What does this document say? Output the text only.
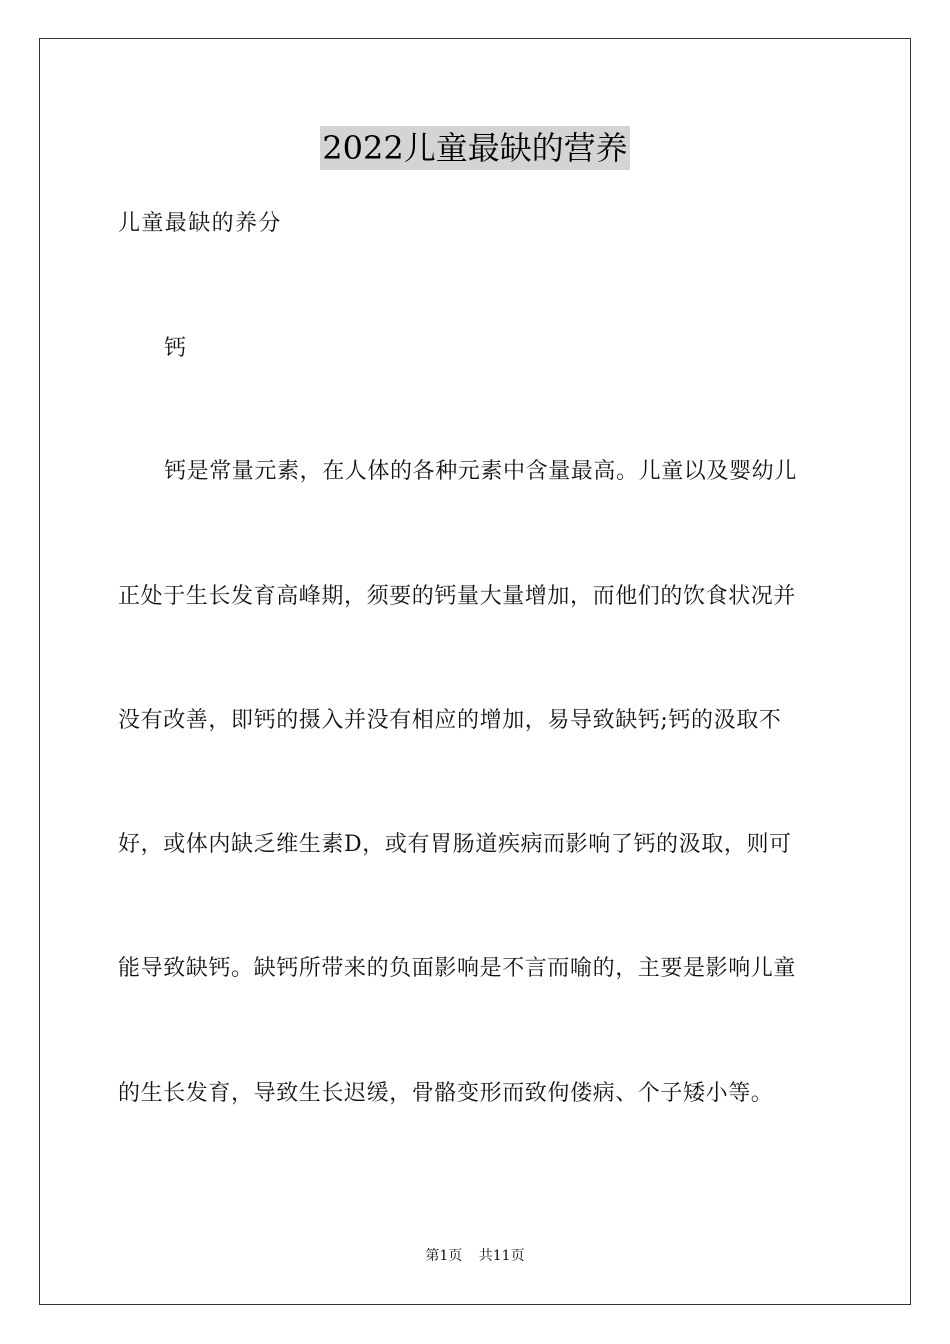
2022儿童最缺的营养
儿童最缺的养分
钙
钙是常量元素，在人体的各种元素中含量最高。儿童以及婴幼儿
正处于生长发育高峰期，须要的钙量大量增加，而他们的饮食状况并
没有改善，即钙的摄入并没有相应的增加，易导致缺钙;钙的汲取不
好，或体内缺乏维生素D，或有胃肠道疾病而影响了钙的汲取，则可
能导致缺钙。缺钙所带来的负面影响是不言而喻的，主要是影响儿童
的生长发育，导致生长迟缓，骨骼变形而致佝偻病、个子矮小等。
第1页 共11页
